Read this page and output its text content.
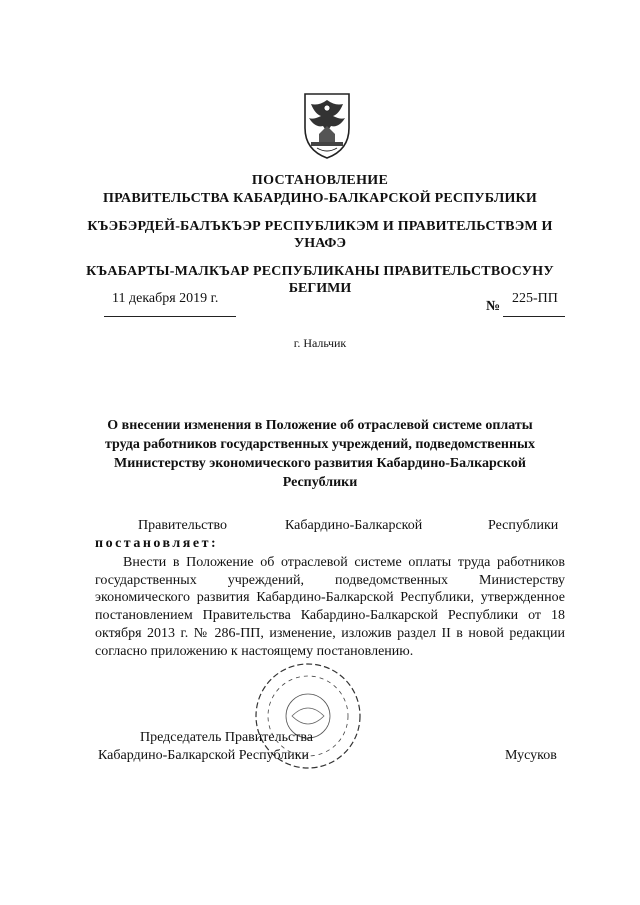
ПОСТАНОВЛЕНИЕ
ПРАВИТЕЛЬСТВА КАБАРДИНО-БАЛКАРСКОЙ РЕСПУБЛИКИ
КЪЭБЭРДЕЙ-БАЛЪКЪЭР РЕСПУБЛИКЭМ И ПРАВИТЕЛЬСТВЭМ И
УНАФЭ
КЪАБАРТЫ-МАЛКЪАР РЕСПУБЛИКАНЫ ПРАВИТЕЛЬСТВОСУНУ
БЕГИМИ
11 декабря 2019 г.
№
225-ПП
г. Нальчик
О внесении изменения в Положение об отраслевой системе оплаты труда работников государственных учреждений, подведомственных Министерству экономического развития Кабардино-Балкарской Республики
Правительство	Кабардино-Балкарской	Республики
постановляет:

Внести в Положение об отраслевой системе оплаты труда работников государственных учреждений, подведомственных Министерству экономического развития Кабардино-Балкарской Республики, утвержденное постановлением Правительства Кабардино-Балкарской Республики от 18 октября 2013 г. № 286-ПП, изменение, изложив раздел II в новой редакции согласно приложению к настоящему постановлению.

Председатель Правительства
Кабардино-Балкарской Республики	Мусуков
